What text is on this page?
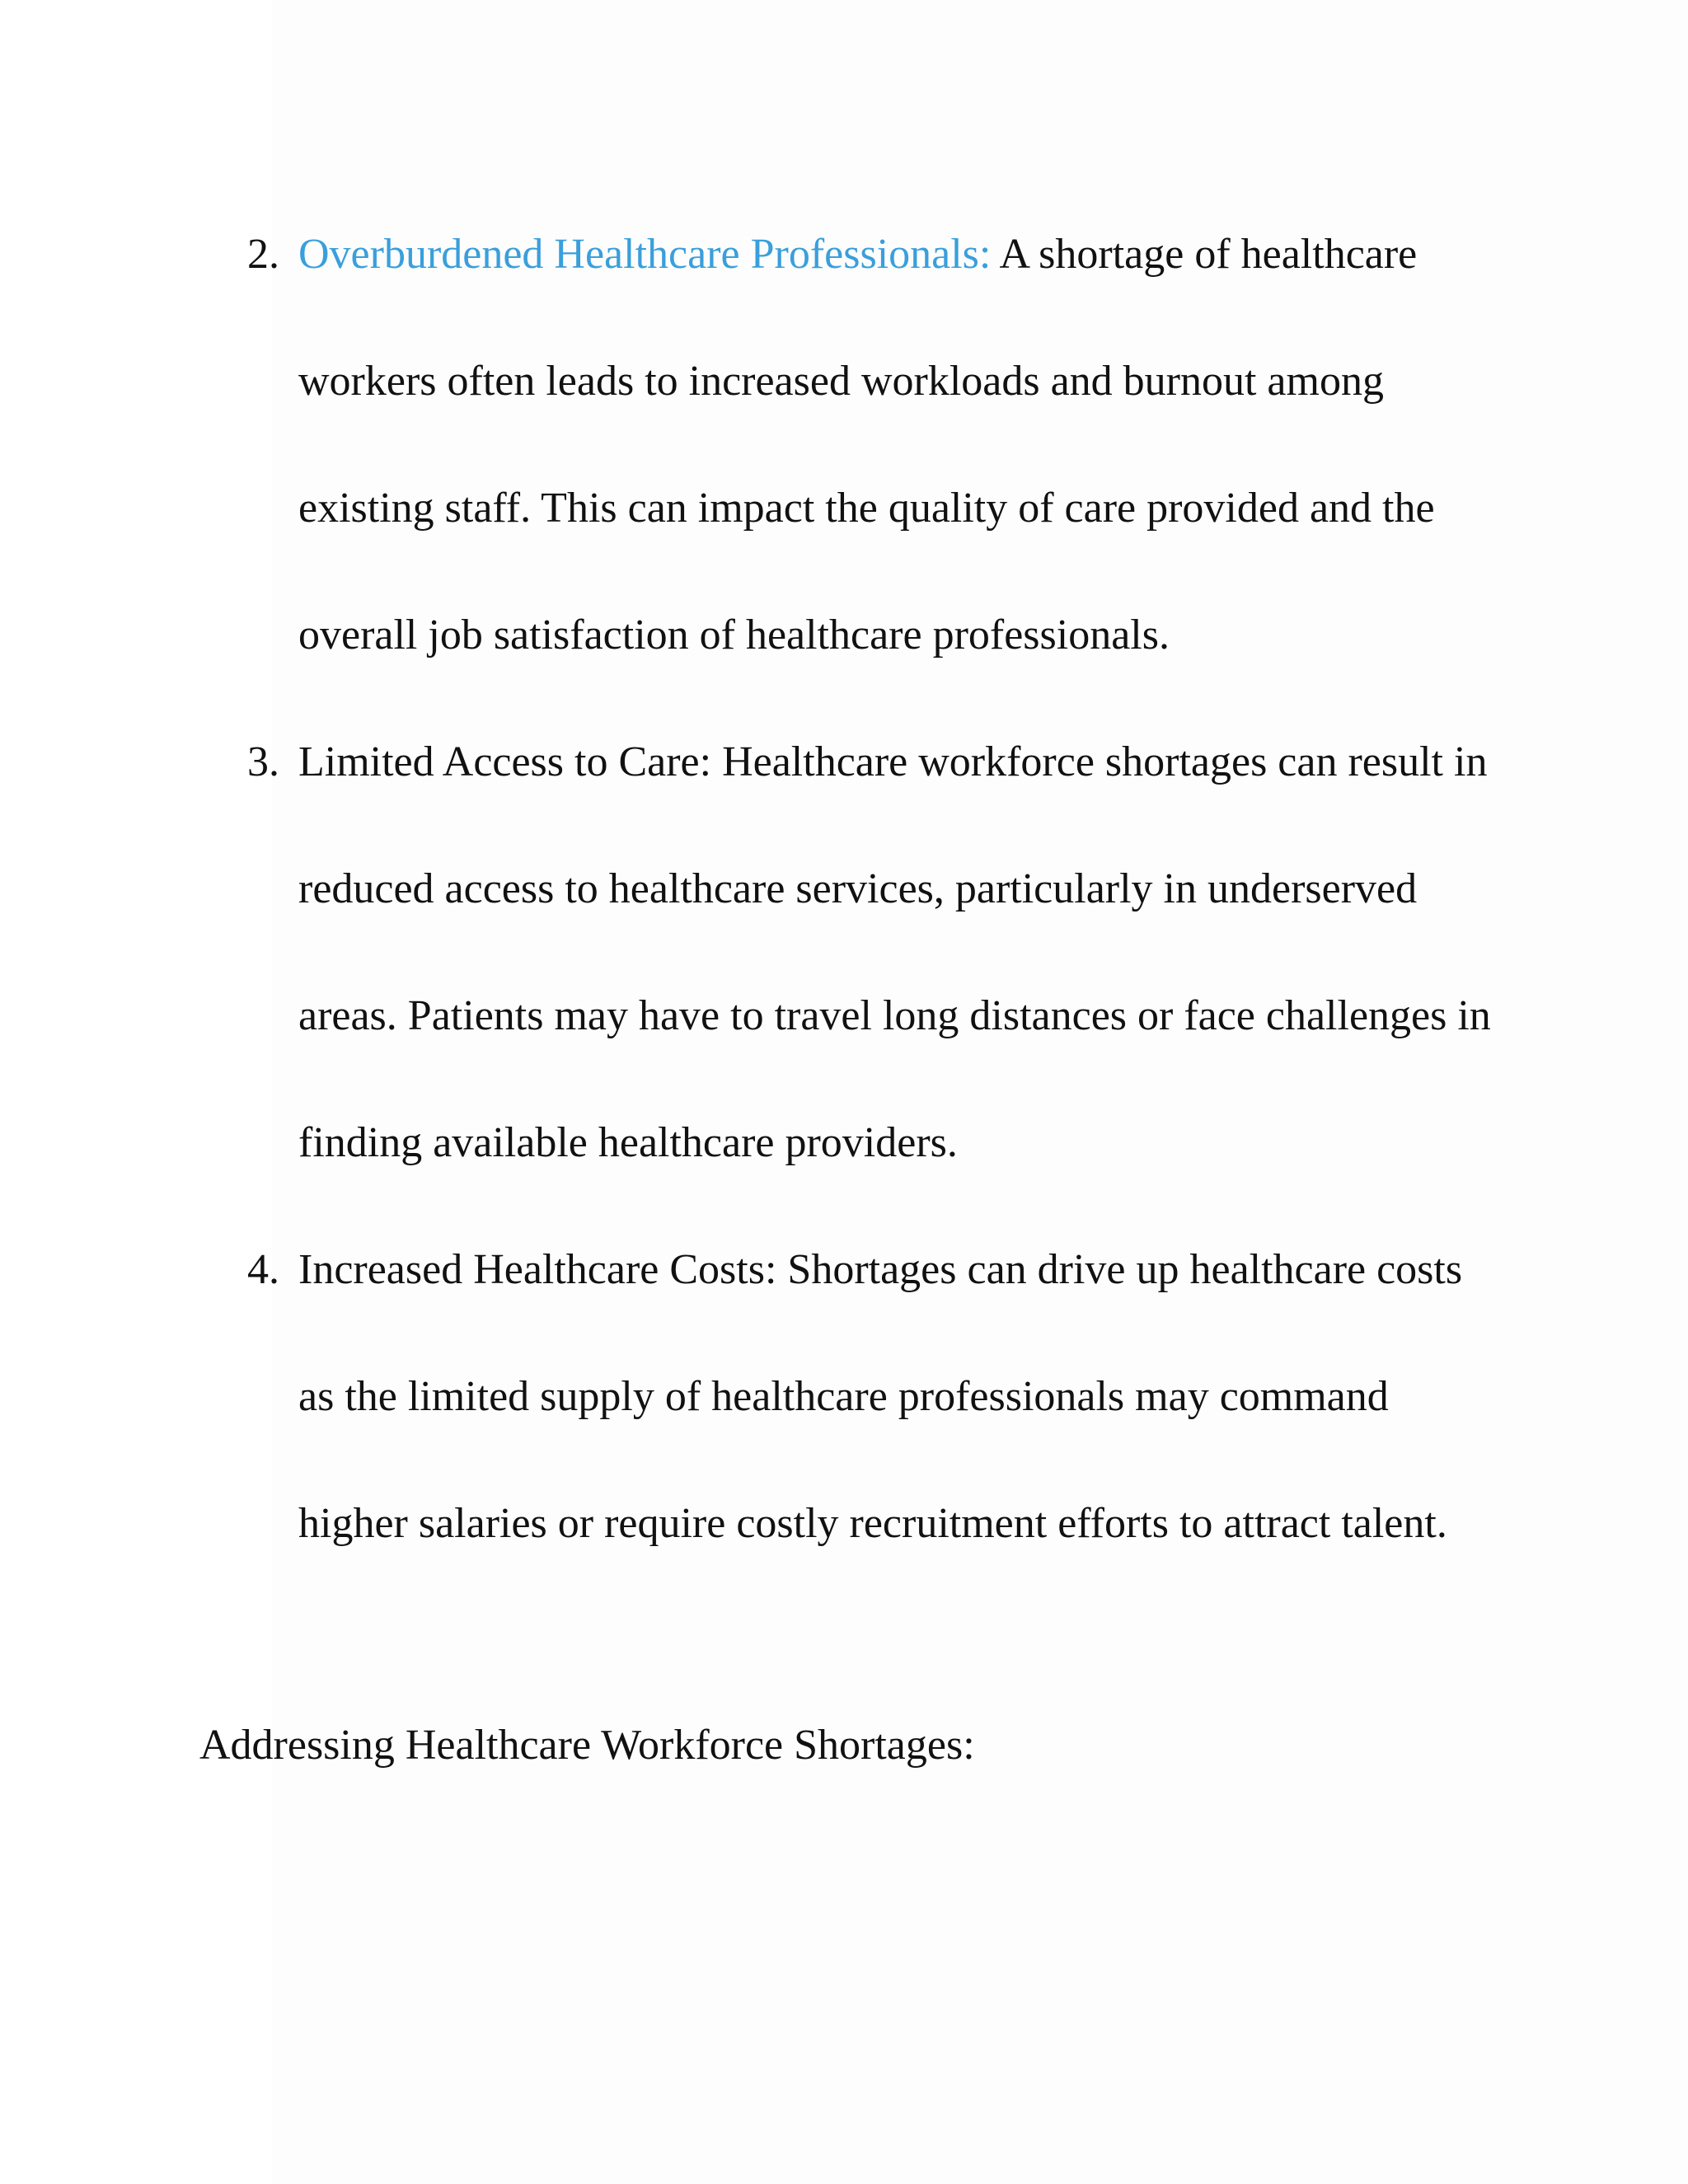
2. Overburdened Healthcare Professionals: A shortage of healthcare workers often leads to increased workloads and burnout among existing staff. This can impact the quality of care provided and the overall job satisfaction of healthcare professionals.
3. Limited Access to Care: Healthcare workforce shortages can result in reduced access to healthcare services, particularly in underserved areas. Patients may have to travel long distances or face challenges in finding available healthcare providers.
4. Increased Healthcare Costs: Shortages can drive up healthcare costs as the limited supply of healthcare professionals may command higher salaries or require costly recruitment efforts to attract talent.
Addressing Healthcare Workforce Shortages:
